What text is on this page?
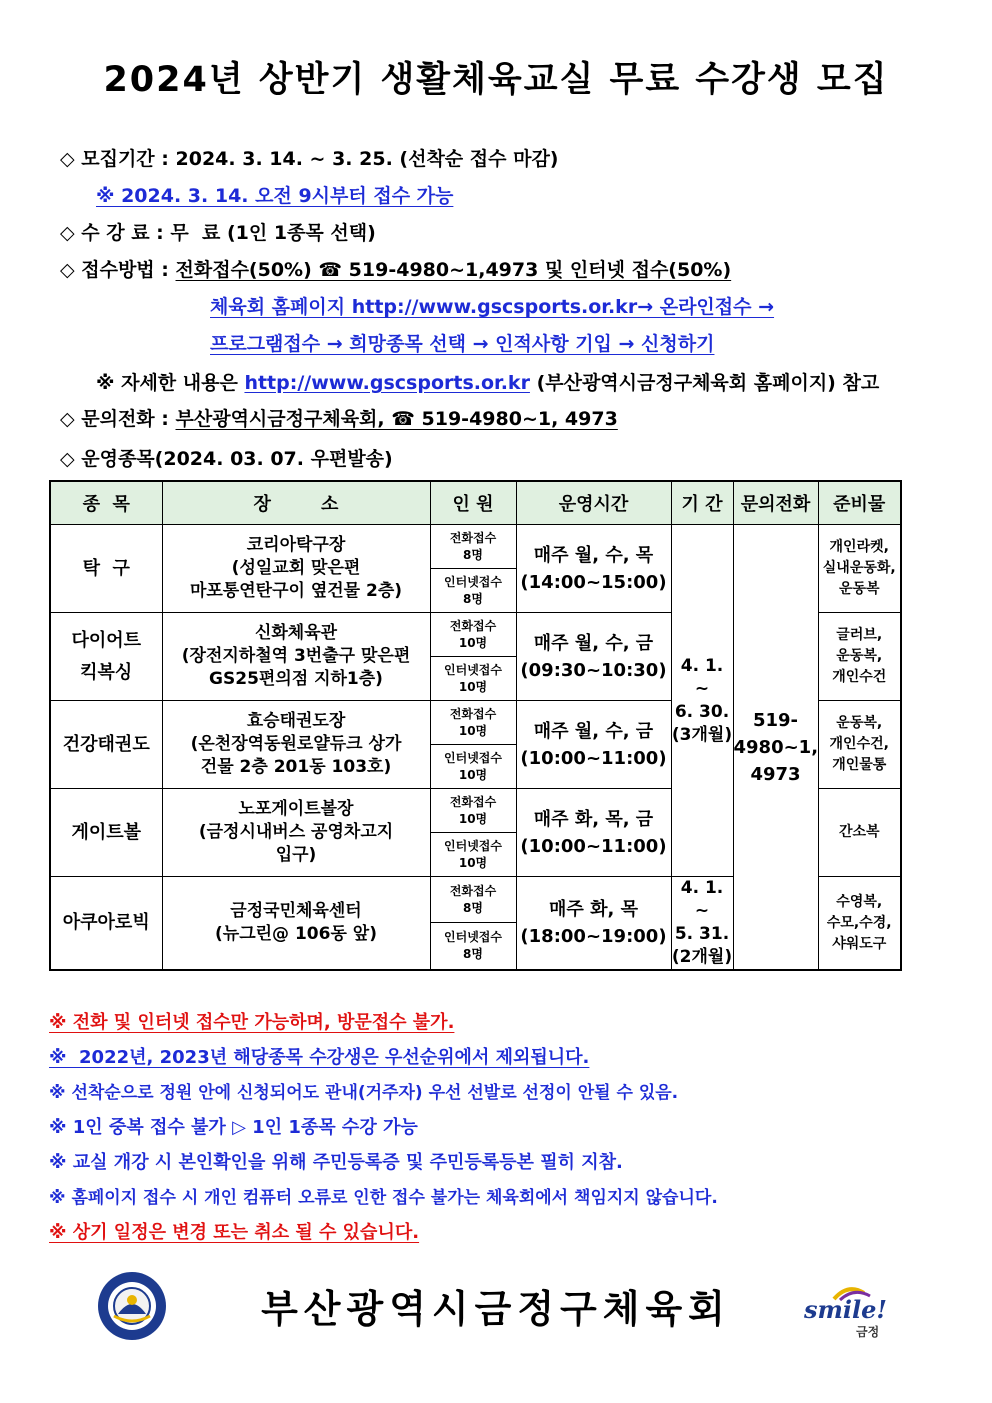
2024년 상반기 생활체육교실 무료 수강생 모집
◇ 모집기간 : 2024. 3. 14. ~ 3. 25. (선착순 접수 마감)
※ 2024. 3. 14. 오전 9시부터 접수 가능
◇ 수 강 료 : 무  료 (1인 1종목 선택)
◇ 접수방법 : 전화접수(50%) ☎ 519-4980~1,4973 및 인터넷 접수(50%)
체육회 홈페이지 http://www.gscsports.or.kr→ 온라인접수 →
프로그램접수 → 희망종목 선택 → 인적사항 기입 → 신청하기
※ 자세한 내용은 http://www.gscsports.or.kr (부산광역시금정구체육회 홈페이지) 참고
◇ 문의전화 : 부산광역시금정구체육회, ☎ 519-4980~1, 4973
◇ 운영종목(2024. 03. 07. 우편발송)
종  목	장        소	인 원	운영시간	기 간	문의전화	준비물
탁  구	코리아탁구장
(성일교회 맞은편
마포통연탄구이 옆건물 2층)	전화접수
8명	매주 월, 수, 목
(14:00~15:00)	4. 1.
~
6. 30.
(3개월)	519-
4980~1,
4973	개인라켓,
실내운동화,
운동복
		인터넷접수
8명				
다이어트
킥복싱	신화체육관
(장전지하철역 3번출구 맞은편
GS25편의점 지하1층)	전화접수
10명	매주 월, 수, 금
(09:30~10:30)			글러브,
운동복,
개인수건
		인터넷접수
10명				
건강태권도	효승태권도장
(온천장역동원로얄듀크 상가
건물 2층 201동 103호)	전화접수
10명	매주 월, 수, 금
(10:00~11:00)			운동복,
개인수건,
개인물통
		인터넷접수
10명				
게이트볼	노포게이트볼장
(금정시내버스 공영차고지
입구)	전화접수
10명	매주 화, 목, 금
(10:00~11:00)			간소복
		인터넷접수
10명				
아쿠아로빅	금정국민체육센터
(뉴그린@ 106동 앞)	전화접수
8명	매주 화, 목
(18:00~19:00)	4. 1.
~
5. 31.
(2개월)		수영복,
수모,수경,
샤워도구
		인터넷접수
8명				
※ 전화 및 인터넷 접수만 가능하며, 방문접수 불가.
※  2022년, 2023년 해당종목 수강생은 우선순위에서 제외됩니다.
※ 선착순으로 정원 안에 신청되어도 관내(거주자) 우선 선발로 선정이 안될 수 있음.
※ 1인 중복 접수 불가 ▷ 1인 1종목 수강 가능
※ 교실 개강 시 본인확인을 위해 주민등록증 및 주민등록등본 필히 지참.
※ 홈페이지 접수 시 개인 컴퓨터 오류로 인한 접수 불가는 체육회에서 책임지지 않습니다.
※ 상기 일정은 변경 또는 취소 될 수 있습니다.
부산광역시금정구체육회	smile!
금정
